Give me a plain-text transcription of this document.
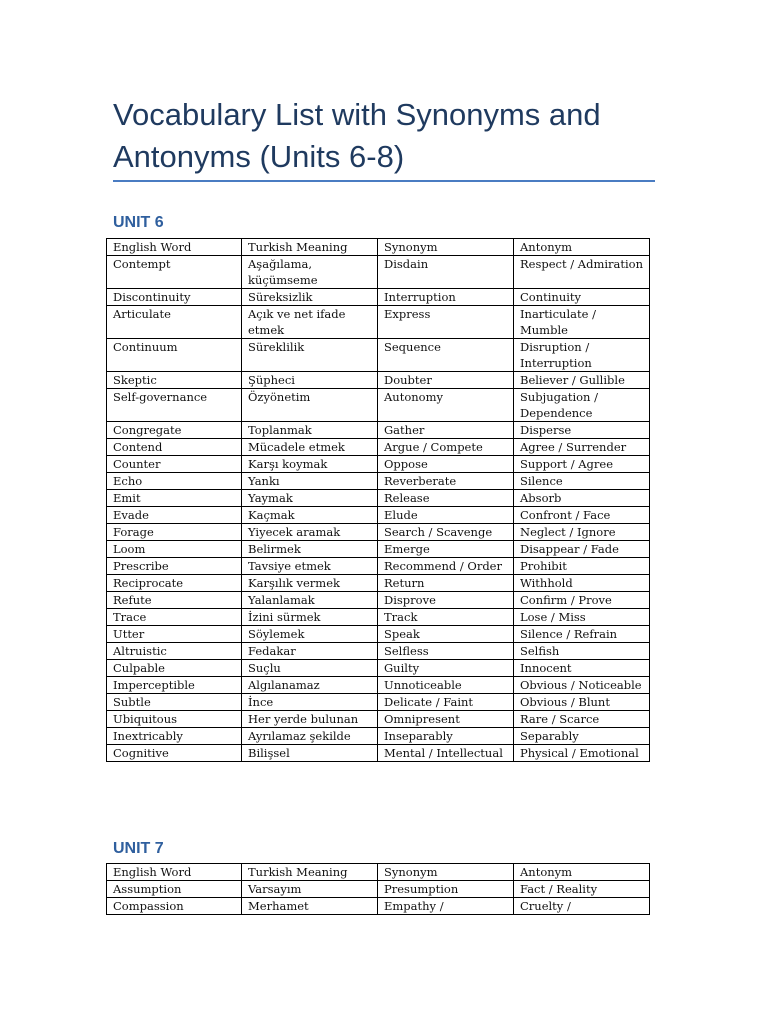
Vocabulary List with Synonyms and Antonyms (Units 6-8)
UNIT 6
English Word	Turkish Meaning	Synonym	Antonym
Contempt	Aşağılama, küçümseme	Disdain	Respect / Admiration
Discontinuity	Süreksizlik	Interruption	Continuity
Articulate	Açık ve net ifade etmek	Express	Inarticulate / Mumble
Continuum	Süreklilik	Sequence	Disruption / Interruption
Skeptic	Şüpheci	Doubter	Believer / Gullible
Self-governance	Özyönetim	Autonomy	Subjugation / Dependence
Congregate	Toplanmak	Gather	Disperse
Contend	Mücadele etmek	Argue / Compete	Agree / Surrender
Counter	Karşı koymak	Oppose	Support / Agree
Echo	Yankı	Reverberate	Silence
Emit	Yaymak	Release	Absorb
Evade	Kaçmak	Elude	Confront / Face
Forage	Yiyecek aramak	Search / Scavenge	Neglect / Ignore
Loom	Belirmek	Emerge	Disappear / Fade
Prescribe	Tavsiye etmek	Recommend / Order	Prohibit
Reciprocate	Karşılık vermek	Return	Withhold
Refute	Yalanlamak	Disprove	Confirm / Prove
Trace	İzini sürmek	Track	Lose / Miss
Utter	Söylemek	Speak	Silence / Refrain
Altruistic	Fedakar	Selfless	Selfish
Culpable	Suçlu	Guilty	Innocent
Imperceptible	Algılanamaz	Unnoticeable	Obvious / Noticeable
Subtle	İnce	Delicate / Faint	Obvious / Blunt
Ubiquitous	Her yerde bulunan	Omnipresent	Rare / Scarce
Inextricably	Ayrılamaz şekilde	Inseparably	Separably
Cognitive	Bilişsel	Mental / Intellectual	Physical / Emotional
UNIT 7
English Word	Turkish Meaning	Synonym	Antonym
Assumption	Varsayım	Presumption	Fact / Reality
Compassion	Merhamet	Empathy /	Cruelty /
